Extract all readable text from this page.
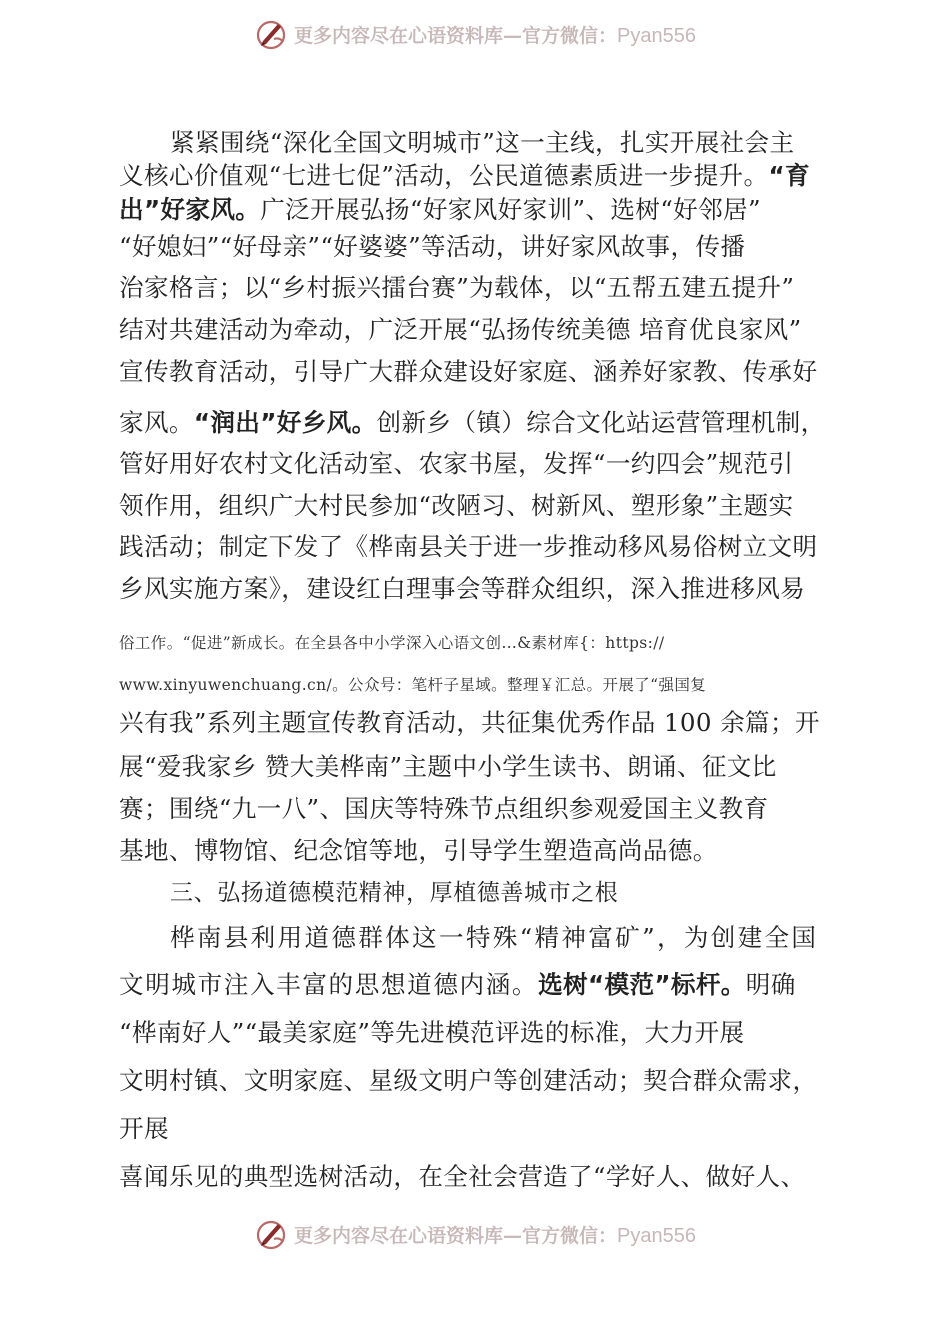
更多内容尽在心语资料库—官方微信：Pyan556
紧紧围绕“深化全国文明城市”这一主线，扎实开展社会主
义核心价值观“七进七促”活动，公民道德素质进一步提升。“育
出”好家风。广泛开展弘扬“好家风好家训”、选树“好邻居”
“好媳妇”“好母亲”“好婆婆”等活动，讲好家风故事，传播
治家格言；以“乡村振兴擂台赛”为载体，以“五帮五建五提升”
结对共建活动为牵动，广泛开展“弘扬传统美德 培育优良家风”
宣传教育活动，引导广大群众建设好家庭、涵养好家教、传承好
家风。“润出”好乡风。创新乡（镇）综合文化站运营管理机制，
管好用好农村文化活动室、农家书屋，发挥“一约四会”规范引
领作用，组织广大村民参加“改陋习、树新风、塑形象”主题实
践活动；制定下发了《桦南县关于进一步推动移风易俗树立文明
乡风实施方案》，建设红白理事会等群众组织，深入推进移风易
俗工作。“促进”新成长。在全县各中小学深入心语文创…&素材库{：https://
www.xinyuwenchuang.cn/。公众号：笔杆子星域。整理￥汇总。开展了“强国复
兴有我”系列主题宣传教育活动，共征集优秀作品 100 余篇；开
展“爱我家乡 赞大美桦南”主题中小学生读书、朗诵、征文比
赛；围绕“九一八”、国庆等特殊节点组织参观爱国主义教育
基地、博物馆、纪念馆等地，引导学生塑造高尚品德。
三、弘扬道德模范精神，厚植德善城市之根
桦南县利用道德群体这一特殊“精神富矿”，为创建全国
文明城市注入丰富的思想道德内涵。选树“模范”标杆。明确
“桦南好人”“最美家庭”等先进模范评选的标准，大力开展
文明村镇、文明家庭、星级文明户等创建活动；契合群众需求，
开展
喜闻乐见的典型选树活动，在全社会营造了“学好人、做好人、
更多内容尽在心语资料库—官方微信：Pyan556
